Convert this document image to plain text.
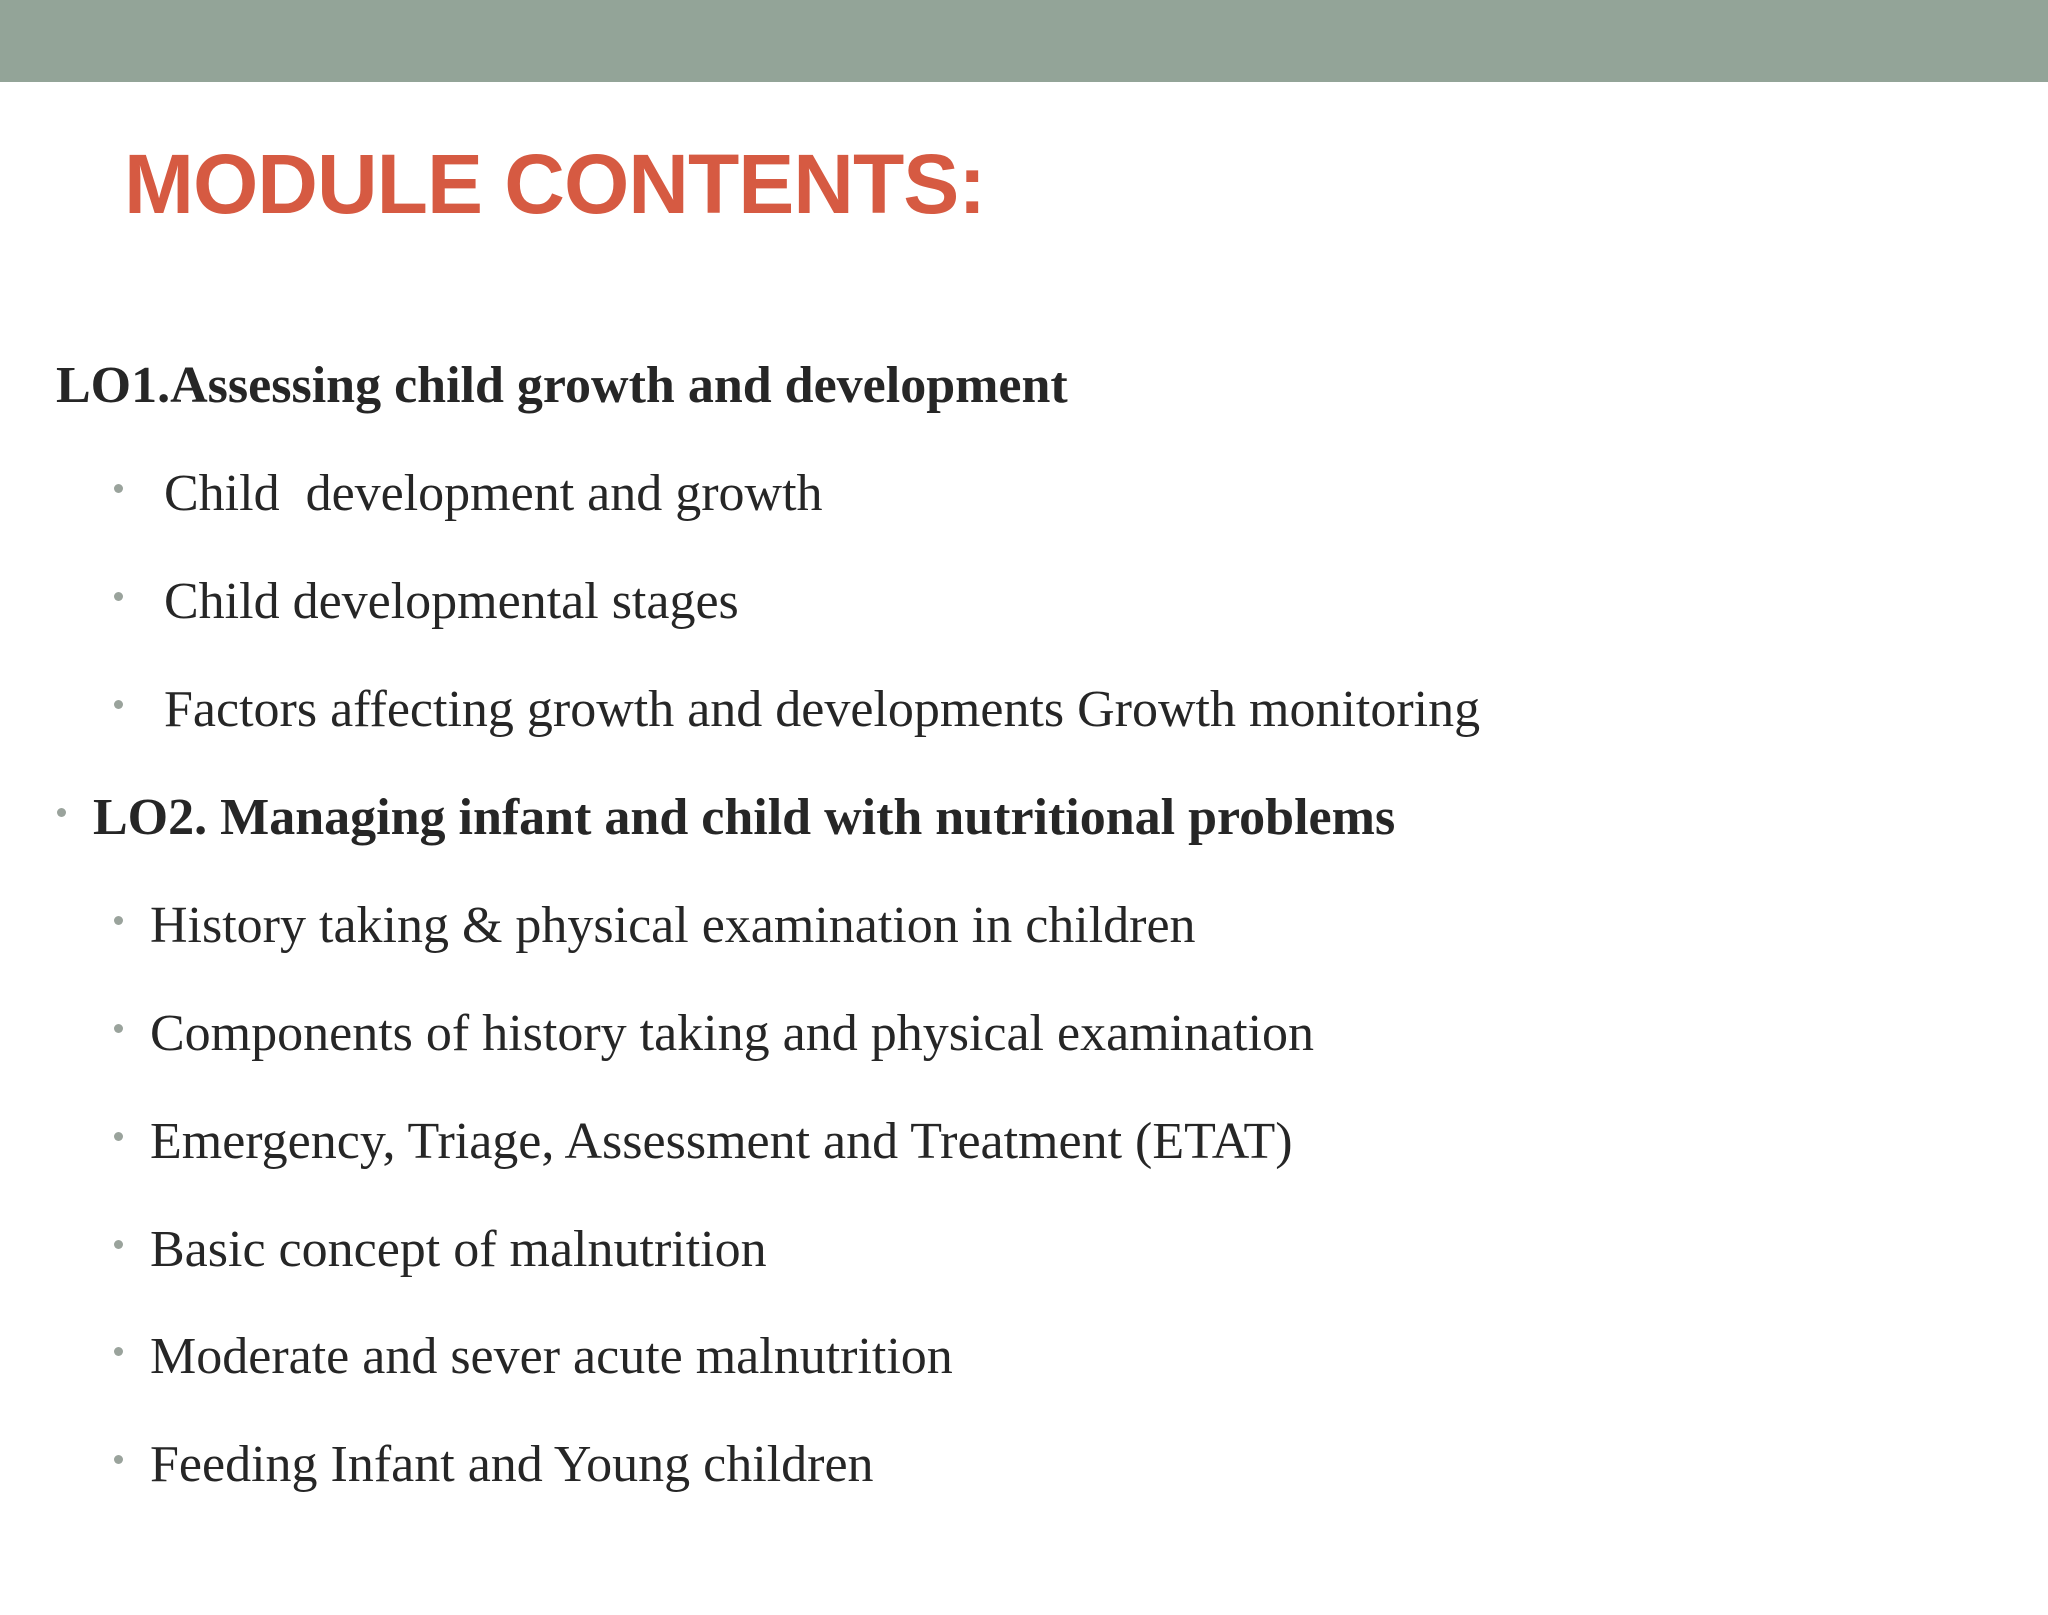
MODULE CONTENTS:

LO1.Assessing child growth and development

Child  development and growth

Child developmental stages

Factors affecting growth and developments Growth monitoring

LO2. Managing infant and child with nutritional problems

History taking & physical examination in children

Components of history taking and physical examination

Emergency, Triage, Assessment and Treatment (ETAT)

Basic concept of malnutrition

Moderate and sever acute malnutrition

Feeding Infant and Young children
